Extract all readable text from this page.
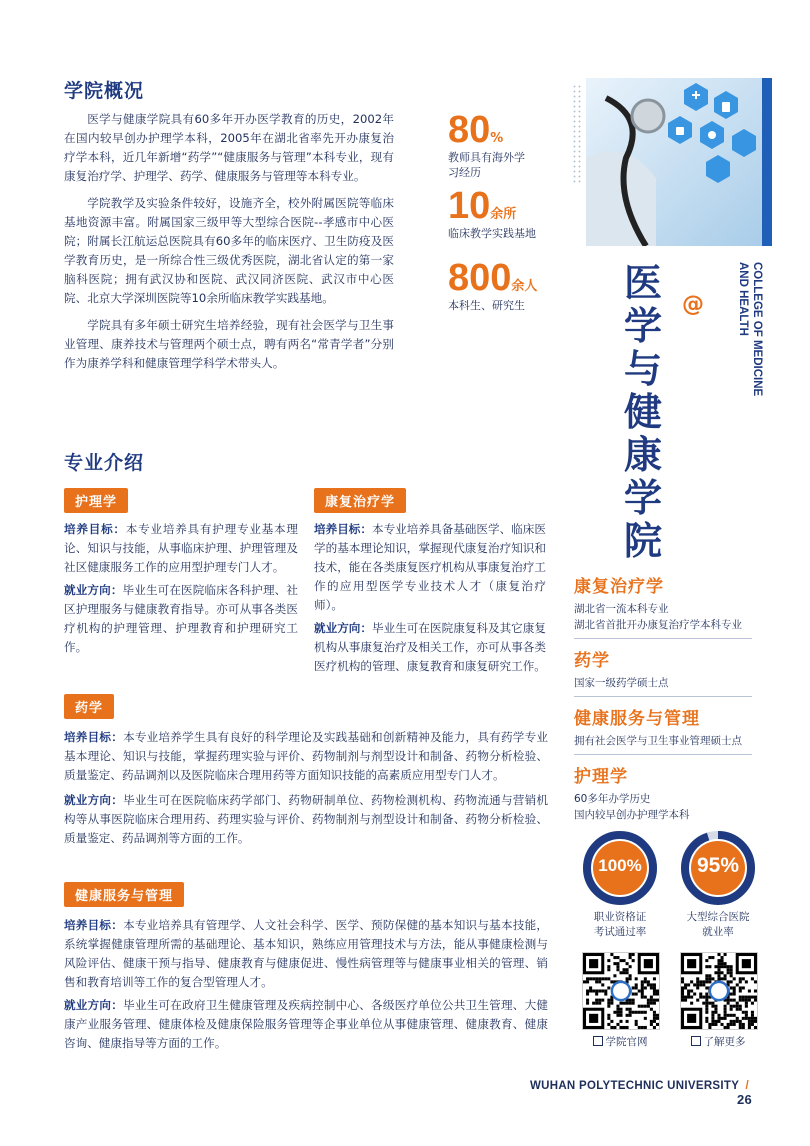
学院概况

医学与健康学院具有60多年开办医学教育的历史，2002年在国内较早创办护理学本科，2005年在湖北省率先开办康复治疗学本科，近几年新增“药学”“健康服务与管理”本科专业，现有康复治疗学、护理学、药学、健康服务与管理等本科专业。

学院教学及实验条件较好，设施齐全，校外附属医院等临床基地资源丰富。附属国家三级甲等大型综合医院--孝感市中心医院；附属长江航运总医院具有60多年的临床医疗、卫生防疫及医学教育历史，是一所综合性三级优秀医院，湖北省认定的第一家脑科医院；拥有武汉协和医院、武汉同济医院、武汉市中心医院、北京大学深圳医院等10余所临床教学实践基地。

学院具有多年硕士研究生培养经验，现有社会医学与卫生事业管理、康养技术与管理两个硕士点，聘有两名“常青学者”分别作为康养学科和健康管理学科学术带头人。

80%
教师具有海外学习经历
10余所
临床教学实践基地
800余人
本科生、研究生
医学与健康学院
@	COLLEGE OF MEDICINE
AND HEALTH
专业介绍
护理学

培养目标：本专业培养具有护理专业基本理论、知识与技能，从事临床护理、护理管理及社区健康服务工作的应用型护理专门人才。

就业方向：毕业生可在医院临床各科护理、社区护理服务与健康教育指导。亦可从事各类医疗机构的护理管理、护理教育和护理研究工作。

康复治疗学

培养目标：本专业培养具备基础医学、临床医学的基本理论知识，掌握现代康复治疗知识和技术，能在各类康复医疗机构从事康复治疗工作的应用型医学专业技术人才（康复治疗师）。

就业方向：毕业生可在医院康复科及其它康复机构从事康复治疗及相关工作，亦可从事各类医疗机构的管理、康复教育和康复研究工作。

药学

培养目标：本专业培养学生具有良好的科学理论及实践基础和创新精神及能力，具有药学专业基本理论、知识与技能，掌握药理实验与评价、药物制剂与剂型设计和制备、药物分析检验、质量鉴定、药品调剂以及医院临床合理用药等方面知识技能的高素质应用型专门人才。

就业方向：毕业生可在医院临床药学部门、药物研制单位、药物检测机构、药物流通与营销机构等从事医院临床合理用药、药理实验与评价、药物制剂与剂型设计和制备、药物分析检验、质量鉴定、药品调剂等方面的工作。

健康服务与管理

培养目标：本专业培养具有管理学、人文社会科学、医学、预防保健的基本知识与基本技能，系统掌握健康管理所需的基础理论、基本知识，熟练应用管理技术与方法，能从事健康检测与风险评估、健康干预与指导、健康教育与健康促进、慢性病管理等与健康事业相关的管理、销售和教育培训等工作的复合型管理人才。

就业方向：毕业生可在政府卫生健康管理及疾病控制中心、各级医疗单位公共卫生管理、大健康产业服务管理、健康体检及健康保险服务管理等企事业单位从事健康管理、健康教育、健康咨询、健康指导等方面的工作。

康复治疗学
湖北省一流本科专业
湖北省首批开办康复治疗学本科专业
药学
国家一级药学硕士点
健康服务与管理
拥有社会医学与卫生事业管理硕士点
护理学
60多年办学历史
国内较早创办护理学本科
100%
职业资格证
考试通过率
95%
大型综合医院
就业率
学院官网	了解更多
WUHAN POLYTECHNIC UNIVERSITY / 26
